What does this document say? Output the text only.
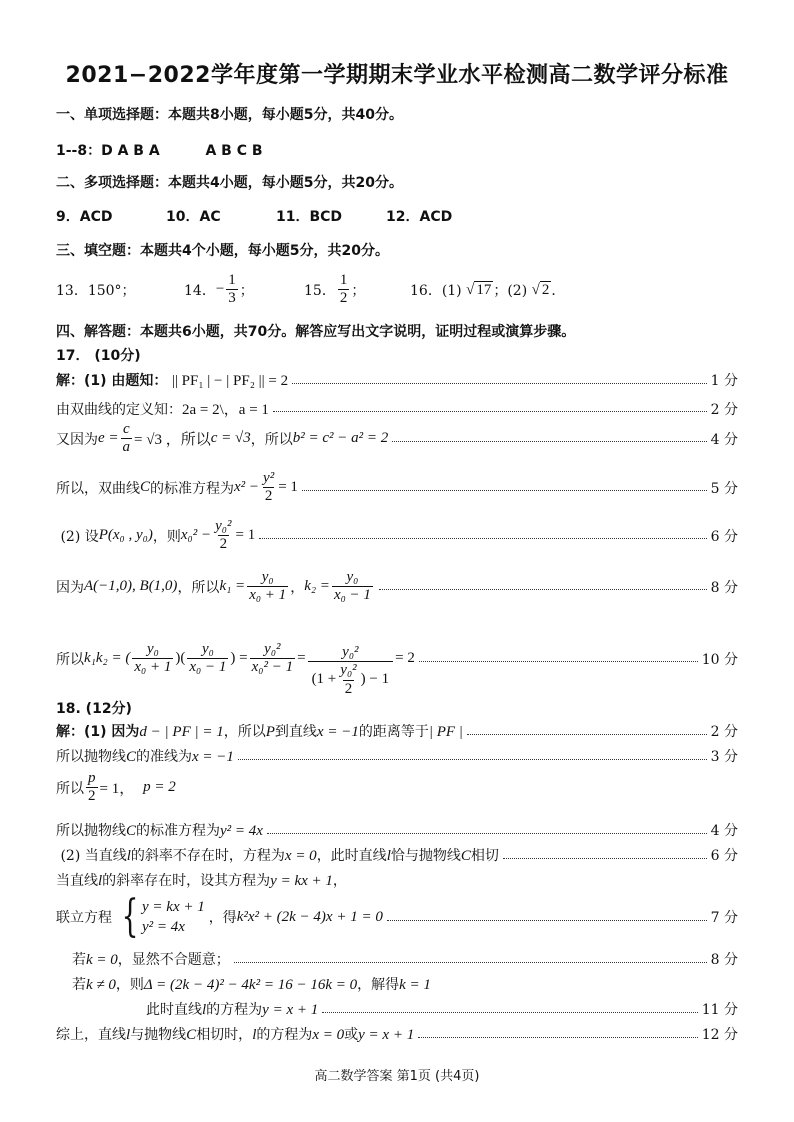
2021−2022学年度第一学期期末学业水平检测高二数学评分标准
一、单项选择题：本题共8小题，每小题5分，共40分。
1--8：D A B A	A B C B
二、多项选择题：本题共4小题，每小题5分，共20分。
9．ACD	10．AC	11．BCD	12．ACD
三、填空题：本题共4个小题，每小题5分，共20分。
13．150°；	14． − $\frac{1}{3}$ ；	15． $\frac{1}{2}$ ；	16．(1)
√ 17 ；(2)
√ 2 ．
四、解答题：本题共6小题，共70分。解答应写出文字说明，证明过程或演算步骤。
17． (10分)
解：(1) 由题知： || PF₁ | − | PF₂ || = 2	1 分
由双曲线的定义知：2a = 2\，a = 1	2 分
又因为 $e = \frac{c}{a} = √3$ ，所以 c = √3 ，所以 b² = c² − a² = 2	4 分
所以，双曲线 C 的标准方程为 $x^2 - \frac{\text{y²}}{2} = 1$	5 分

(2) 设 P(x₀ , y₀) ，则 $x_0^2 - \frac{\text{y₀²}}{2} = 1$	6 分
因为 A(−1,0), B(1,0) ，所以 $k_1 = \frac{\text{y₀}}{\text{x₀ + 1}}$ ， $k_2 = \frac{\text{y₀}}{\text{x₀ − 1}}$	8 分
所以 k₁k₂ = ( $\frac{\text{y₀}}{\text{x₀ + 1}}$ )( $\frac{\text{y₀}}{\text{x₀ − 1}}$ ) = $\frac{\text{y₀²}}{\text{x₀² − 1}} = \frac{\text{y₀²}}{(1 + \frac{\text{y₀²}}{2} ) - 1} = 2$	10 分
18. (12分)
解：(1) 因为d − | PF | = 1，所以P到直线x = −1的距离等于| PF |	2 分
所以抛物线C的准线为x = −1	3 分
所以 $\frac{p}{2} = 1$，
p = 2
所以抛物线C的标准方程为y² = 4x	4 分
(2) 当直线l的斜率不存在时，方程为x = 0，此时直线l恰与抛物线C相切	6 分
当直线l的斜率存在时，设其方程为y = kx + 1，
联立方程 { y = kx + 1
y² = 4x
，得 k²x² + (2k − 4)x + 1 = 0	7 分
若k = 0，显然不合题意；	8 分
若k ≠ 0，则Δ = (2k − 4)² − 4k² = 16 − 16k = 0，解得k = 1
此时直线l的方程为y = x + 1	11 分
综上，直线l与抛物线C相切时，l的方程为x = 0或y = x + 1	12 分
高二数学答案 第1页 (共4页)
